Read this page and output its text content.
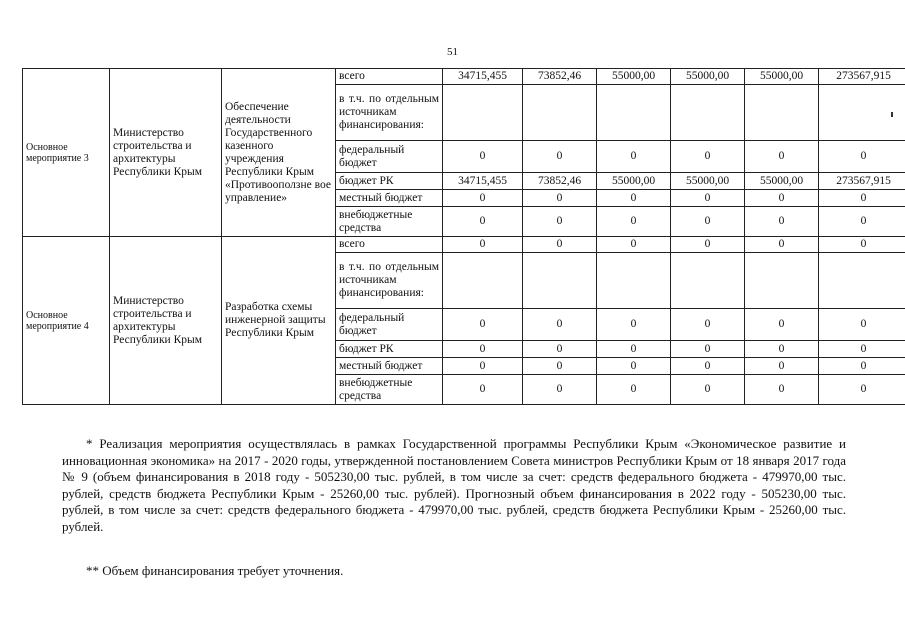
51
Основное мероприятие 3	Министерство строительства и архитектуры Республики Крым	Обеспечение деятельности Государственного казенного учреждения Республики Крым «Противооползне вое управление»	всего	34715,455	73852,46	55000,00	55000,00	55000,00	273567,915
			в т.ч. по отдельным источникам финансирования:						
			федеральный бюджет	0	0	0	0	0	0
			бюджет РК	34715,455	73852,46	55000,00	55000,00	55000,00	273567,915
			местный бюджет	0	0	0	0	0	0
			внебюджетные средства	0	0	0	0	0	0
Основное мероприятие 4	Министерство строительства и архитектуры Республики Крым	Разработка схемы инженерной защиты Республики Крым	всего	0	0	0	0	0	0
			в т.ч. по отдельным источникам финансирования:						
			федеральный бюджет	0	0	0	0	0	0
			бюджет РК	0	0	0	0	0	0
			местный бюджет	0	0	0	0	0	0
			внебюджетные средства	0	0	0	0	0	0

* Реализация мероприятия осуществлялась в рамках Государственной программы Республики Крым «Экономическое развитие и инновационная экономика» на 2017 - 2020 годы, утвержденной постановлением Совета министров Республики Крым от 18 января 2017 года № 9 (объем финансирования в 2018 году - 505230,00 тыс. рублей, в том числе за счет: средств федерального бюджета - 479970,00 тыс. рублей, средств бюджета Республики Крым - 25260,00 тыс. рублей). Прогнозный объем финансирования в 2022 году - 505230,00 тыс. рублей, в том числе за счет: средств федерального бюджета - 479970,00 тыс. рублей, средств бюджета Республики Крым - 25260,00 тыс. рублей.

** Объем финансирования требует уточнения.
